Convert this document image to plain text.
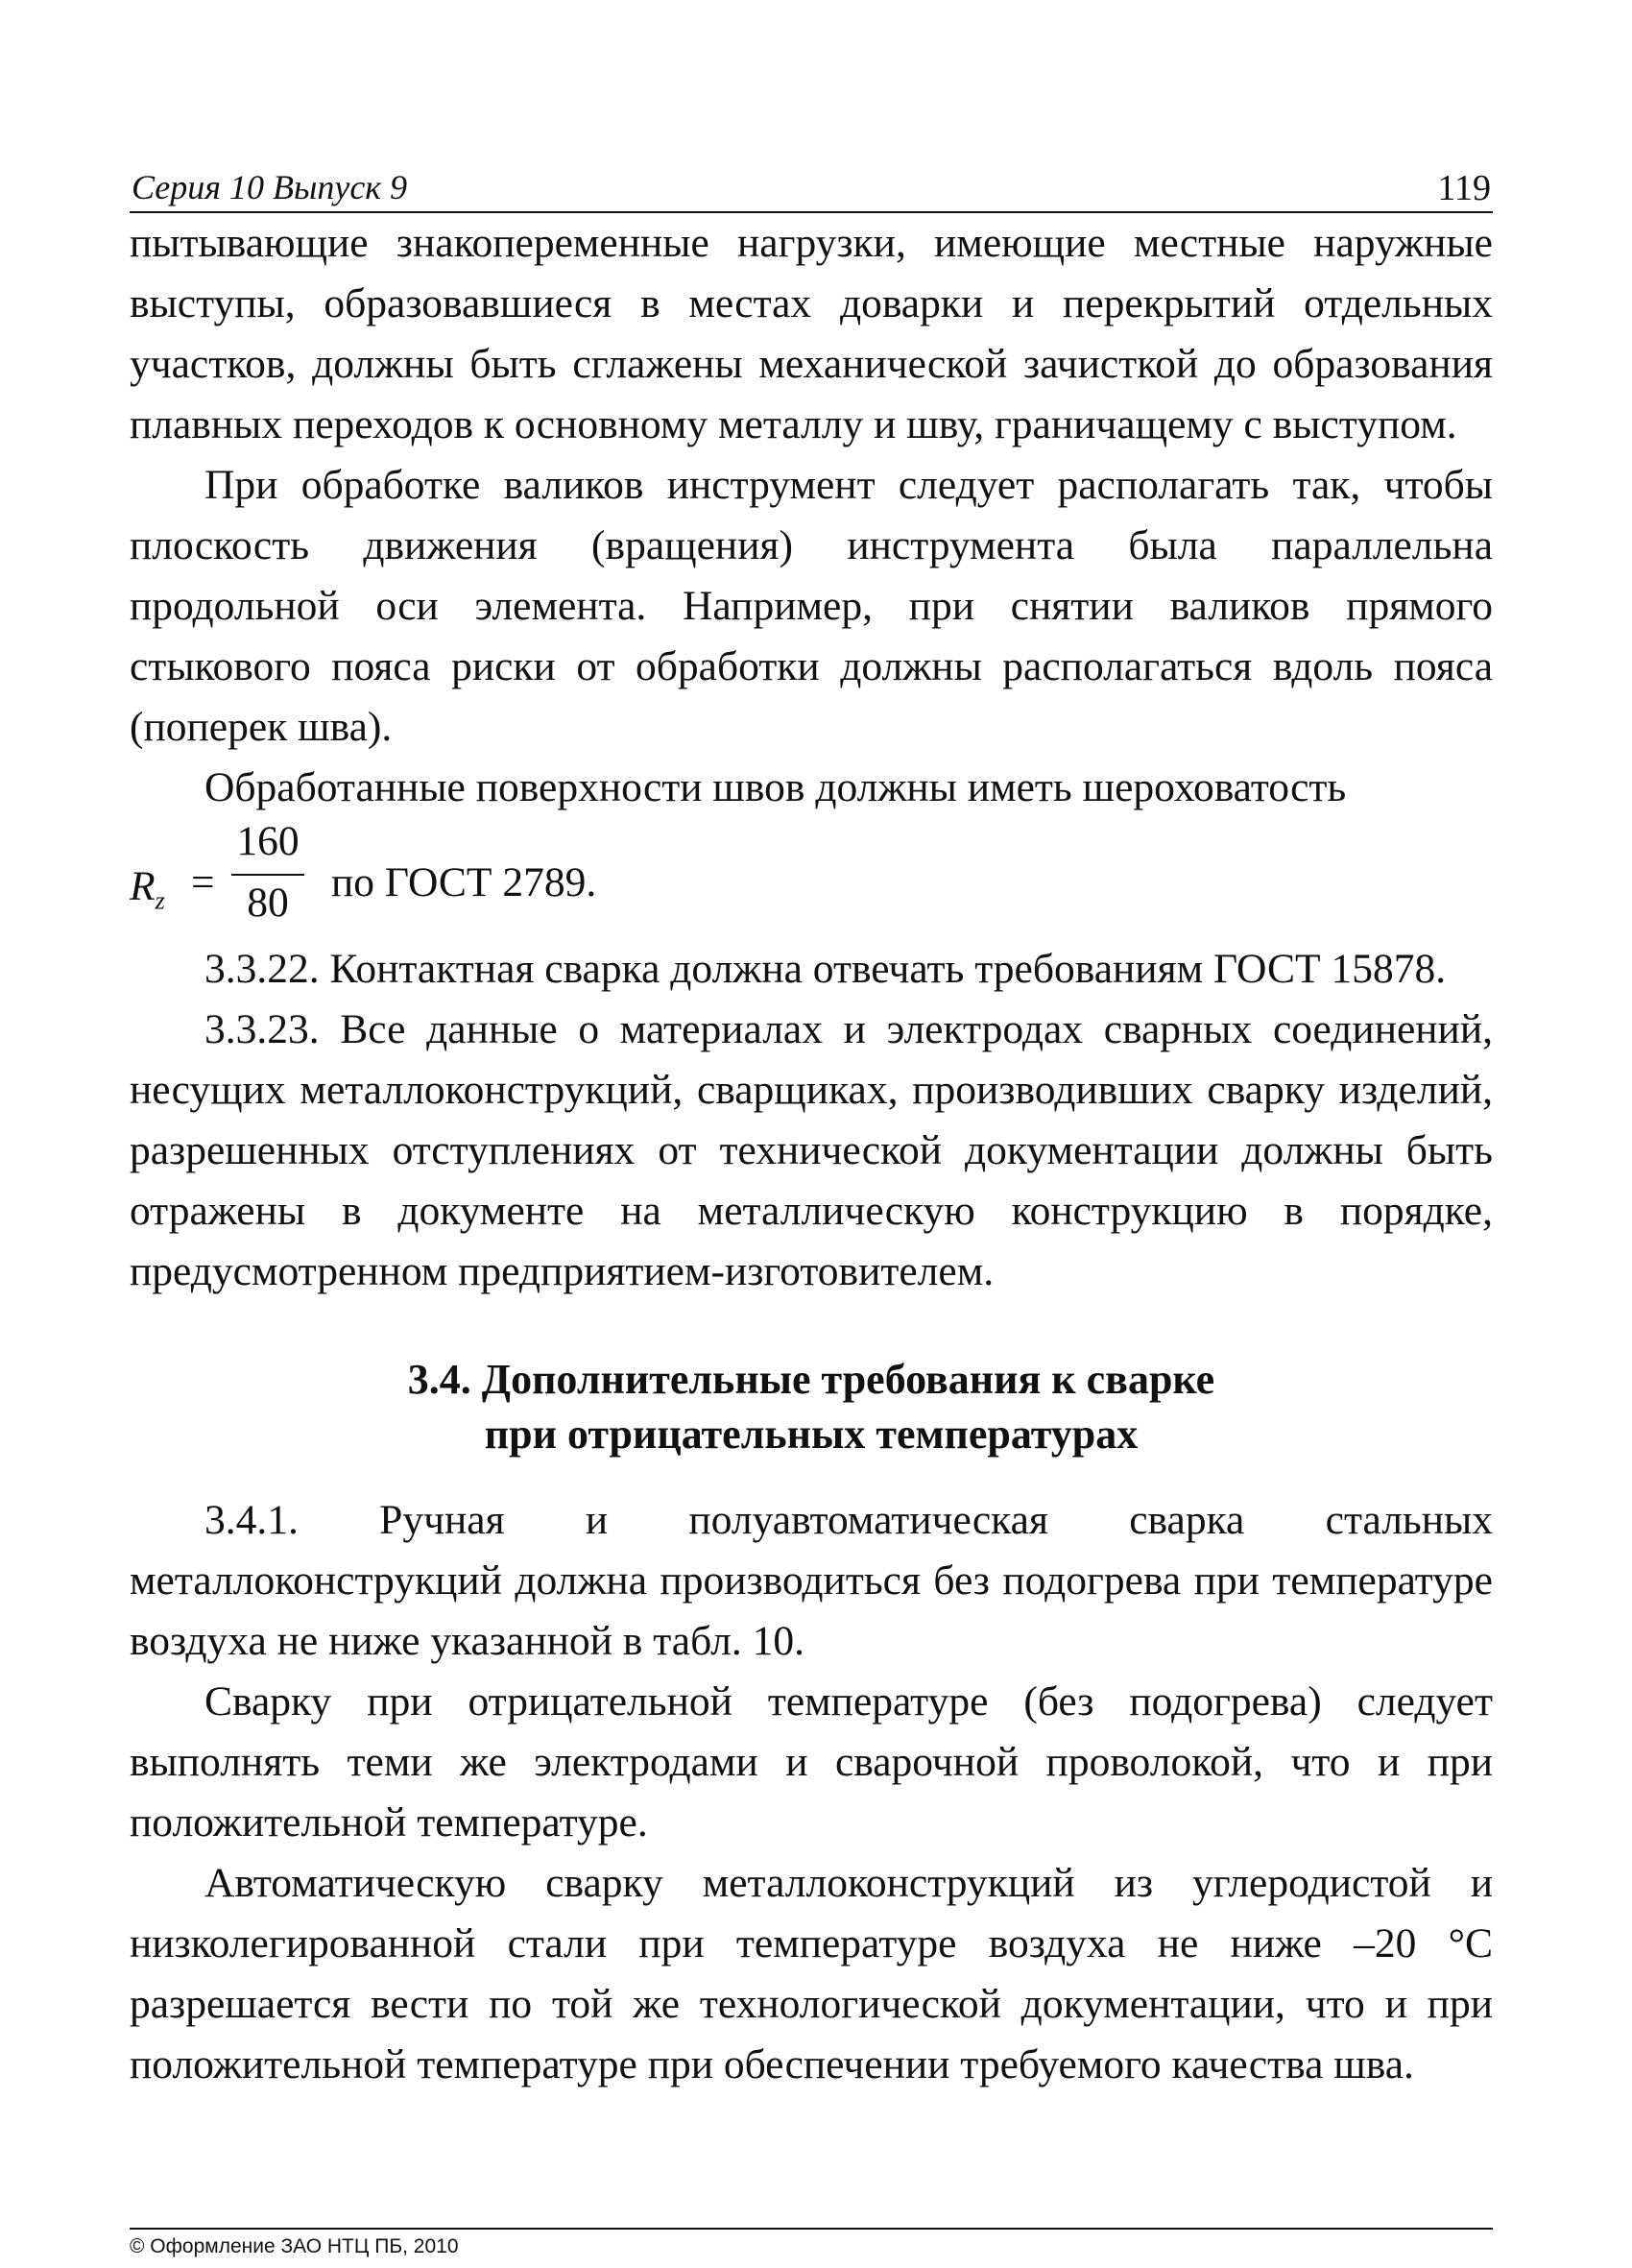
Серия 10 Выпуск 9	119

пытывающие знакопеременные нагрузки, имеющие местные наружные выступы, образовавшиеся в местах доварки и перекрытий отдельных участков, должны быть сглажены механической зачисткой до образования плавных переходов к основному металлу и шву, граничащему с выступом.

При обработке валиков инструмент следует располагать так, чтобы плоскость движения (вращения) инструмента была параллельна продольной оси элемента. Например, при снятии валиков прямого стыкового пояса риски от обработки должны располагаться вдоль пояса (поперек шва).

Обработанные поверхности швов должны иметь шероховатость

$R_z$ =
160
80	по ГОСТ 2789.

3.3.22. Контактная сварка должна отвечать требованиям ГОСТ 15878.

3.3.23. Все данные о материалах и электродах сварных соединений, несущих металлоконструкций, сварщиках, производивших сварку изделий, разрешенных отступлениях от технической документации должны быть отражены в документе на металлическую конструкцию в порядке, предусмотренном предприятием-изготовителем.

3.4. Дополнительные требования к сварке
при отрицательных температурах

3.4.1. Ручная и полуавтоматическая сварка стальных металлоконструкций должна производиться без подогрева при температуре воздуха не ниже указанной в табл. 10.

Сварку при отрицательной температуре (без подогрева) следует выполнять теми же электродами и сварочной проволокой, что и при положительной температуре.

Автоматическую сварку металлоконструкций из углеродистой и низколегированной стали при температуре воздуха не ниже –20 °С разрешается вести по той же технологической документации, что и при положительной температуре при обеспечении требуемого качества шва.

© Оформление ЗАО НТЦ ПБ, 2010
